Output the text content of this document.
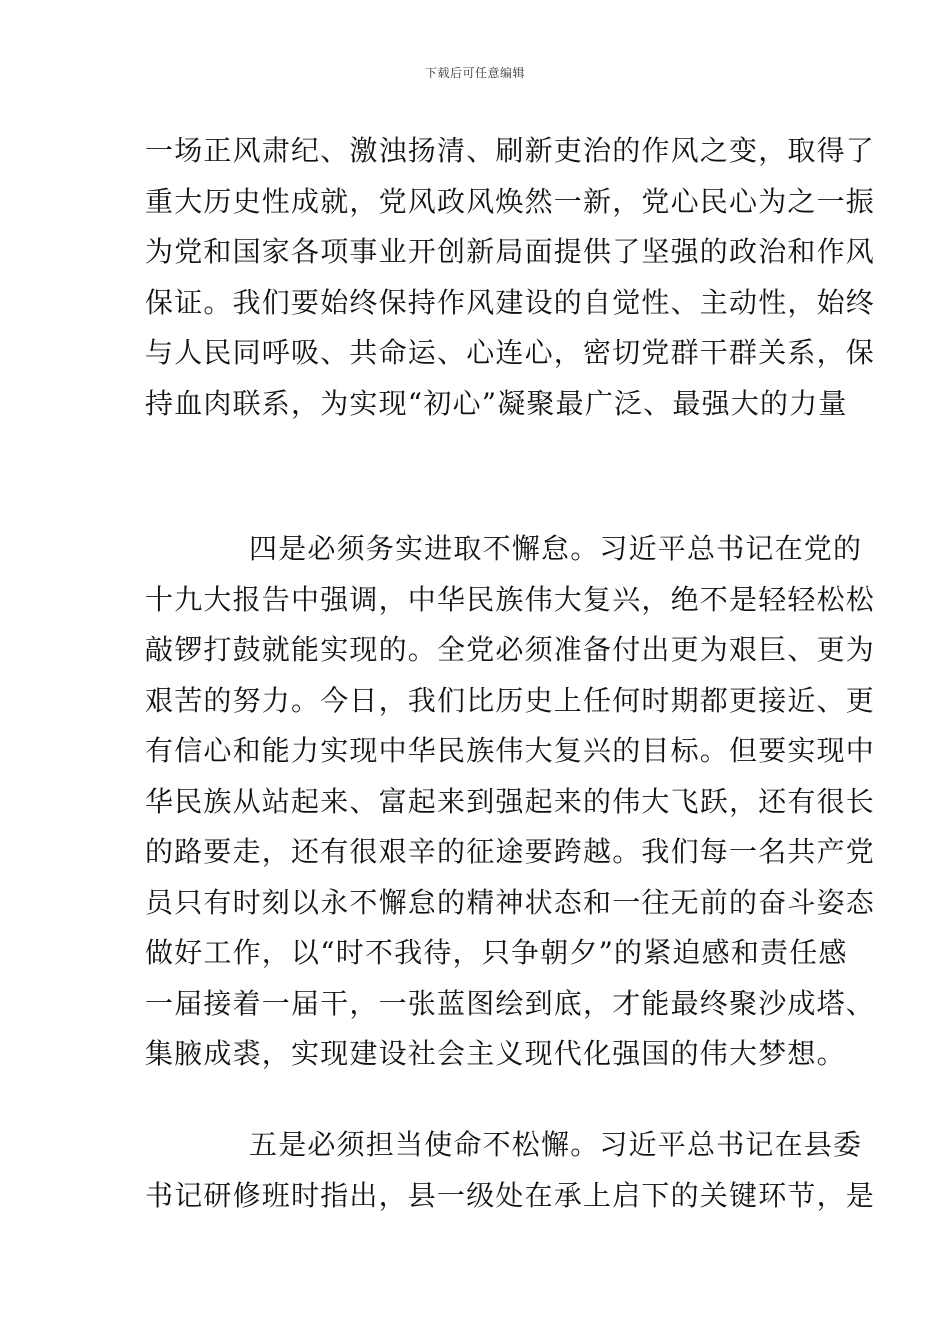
下载后可任意编辑
一场正风肃纪、激浊扬清、刷新吏治的作风之变，取得了
重大历史性成就，党风政风焕然一新，党心民心为之一振
为党和国家各项事业开创新局面提供了坚强的政治和作风
保证。我们要始终保持作风建设的自觉性、主动性，始终
与人民同呼吸、共命运、心连心，密切党群干群关系，保
持血肉联系，为实现“初心”凝聚最广泛、最强大的力量
四是必须务实进取不懈怠。习近平总书记在党的
十九大报告中强调，中华民族伟大复兴，绝不是轻轻松松
敲锣打鼓就能实现的。全党必须准备付出更为艰巨、更为
艰苦的努力。今日，我们比历史上任何时期都更接近、更
有信心和能力实现中华民族伟大复兴的目标。但要实现中
华民族从站起来、富起来到强起来的伟大飞跃，还有很长
的路要走，还有很艰辛的征途要跨越。我们每一名共产党
员只有时刻以永不懈怠的精神状态和一往无前的奋斗姿态
做好工作，以“时不我待，只争朝夕”的紧迫感和责任感
一届接着一届干，一张蓝图绘到底，才能最终聚沙成塔、
集腋成裘，实现建设社会主义现代化强国的伟大梦想。
五是必须担当使命不松懈。习近平总书记在县委
书记研修班时指出，县一级处在承上启下的关键环节，是
